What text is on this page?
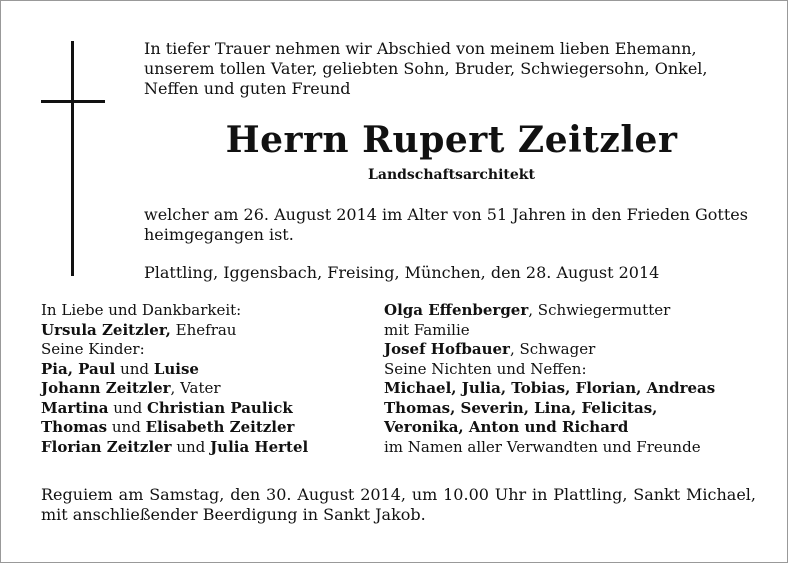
In tiefer Trauer nehmen wir Abschied von meinem lieben Ehemann, unserem tollen Vater, geliebten Sohn, Bruder, Schwiegersohn, Onkel, Neffen und guten Freund
Herrn Rupert Zeitzler
Landschaftsarchitekt
welcher am 26. August 2014 im Alter von 51 Jahren in den Frieden Gottes heimgegangen ist.
Plattling, Iggensbach, Freising, München, den 28. August 2014
In Liebe und Dankbarkeit:
Ursula Zeitzler, Ehefrau
Seine Kinder:
Pia, Paul und Luise
Johann Zeitzler, Vater
Martina und Christian Paulick
Thomas und Elisabeth Zeitzler
Florian Zeitzler und Julia Hertel
Olga Effenberger, Schwiegermutter
mit Familie
Josef Hofbauer, Schwager
Seine Nichten und Neffen:
Michael, Julia, Tobias, Florian, Andreas
Thomas, Severin, Lina, Felicitas,
Veronika, Anton und Richard
im Namen aller Verwandten und Freunde
Reguiem am Samstag, den 30. August 2014, um 10.00 Uhr in Plattling, Sankt Michael, mit anschließender Beerdigung in Sankt Jakob.
